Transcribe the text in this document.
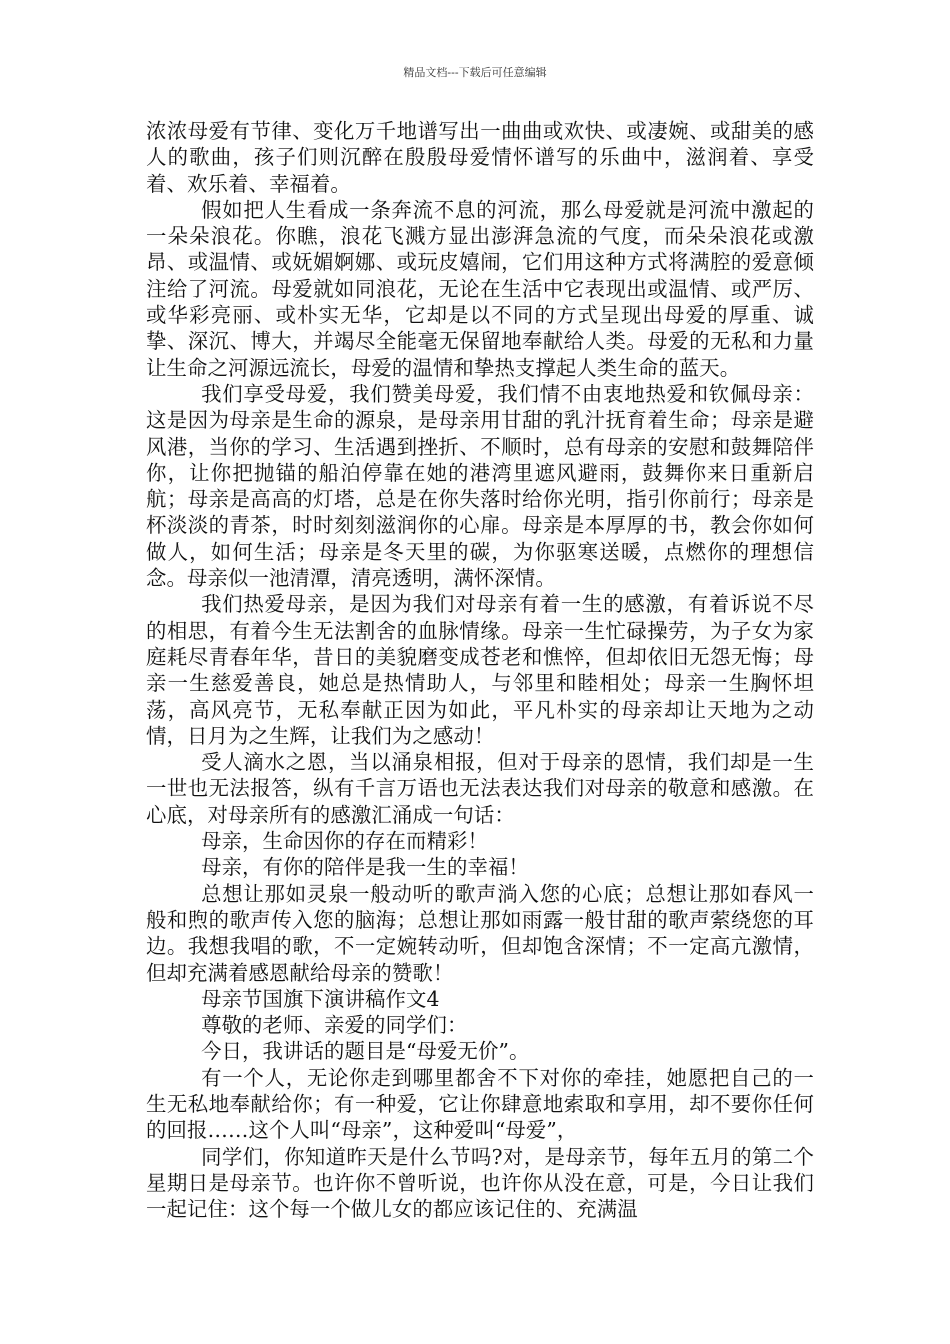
精品文档---下载后可任意编辑

浓浓母爱有节律、变化万千地谱写出一曲曲或欢快、或凄婉、或甜美的感人的歌曲，孩子们则沉醉在殷殷母爱情怀谱写的乐曲中，滋润着、享受着、欢乐着、幸福着。

假如把人生看成一条奔流不息的河流，那么母爱就是河流中激起的一朵朵浪花。你瞧，浪花飞溅方显出澎湃急流的气度，而朵朵浪花或激昂、或温情、或妩媚婀娜、或玩皮嬉闹，它们用这种方式将满腔的爱意倾注给了河流。母爱就如同浪花，无论在生活中它表现出或温情、或严厉、或华彩亮丽、或朴实无华，它却是以不同的方式呈现出母爱的厚重、诚挚、深沉、博大，并竭尽全能毫无保留地奉献给人类。母爱的无私和力量让生命之河源远流长，母爱的温情和挚热支撑起人类生命的蓝天。

我们享受母爱，我们赞美母爱，我们情不由衷地热爱和钦佩母亲：这是因为母亲是生命的源泉，是母亲用甘甜的乳汁抚育着生命；母亲是避风港，当你的学习、生活遇到挫折、不顺时，总有母亲的安慰和鼓舞陪伴你，让你把抛锚的船泊停靠在她的港湾里遮风避雨，鼓舞你来日重新启航；母亲是高高的灯塔，总是在你失落时给你光明，指引你前行；母亲是杯淡淡的青茶，时时刻刻滋润你的心扉。母亲是本厚厚的书，教会你如何做人，如何生活；母亲是冬天里的碳，为你驱寒送暖，点燃你的理想信念。母亲似一池清潭，清亮透明，满怀深情。

我们热爱母亲，是因为我们对母亲有着一生的感激，有着诉说不尽的相思，有着今生无法割舍的血脉情缘。母亲一生忙碌操劳，为子女为家庭耗尽青春年华，昔日的美貌磨变成苍老和憔悴，但却依旧无怨无悔；母亲一生慈爱善良，她总是热情助人，与邻里和睦相处；母亲一生胸怀坦荡，高风亮节，无私奉献正因为如此，平凡朴实的母亲却让天地为之动情，日月为之生辉，让我们为之感动！

受人滴水之恩，当以涌泉相报，但对于母亲的恩情，我们却是一生一世也无法报答，纵有千言万语也无法表达我们对母亲的敬意和感激。在心底，对母亲所有的感激汇涌成一句话：

母亲，生命因你的存在而精彩！

母亲，有你的陪伴是我一生的幸福！

总想让那如灵泉一般动听的歌声淌入您的心底；总想让那如春风一般和煦的歌声传入您的脑海；总想让那如雨露一般甘甜的歌声萦绕您的耳边。我想我唱的歌，不一定婉转动听，但却饱含深情；不一定高亢激情，但却充满着感恩献给母亲的赞歌！

母亲节国旗下演讲稿作文4

尊敬的老师、亲爱的同学们：

今日，我讲话的题目是“母爱无价”。

有一个人，无论你走到哪里都舍不下对你的牵挂，她愿把自己的一生无私地奉献给你；有一种爱，它让你肆意地索取和享用，却不要你任何的回报……这个人叫“母亲”，这种爱叫“母爱”，

同学们，你知道昨天是什么节吗?对，是母亲节，每年五月的第二个星期日是母亲节。也许你不曾听说，也许你从没在意，可是，今日让我们一起记住：这个每一个做儿女的都应该记住的、充满温
